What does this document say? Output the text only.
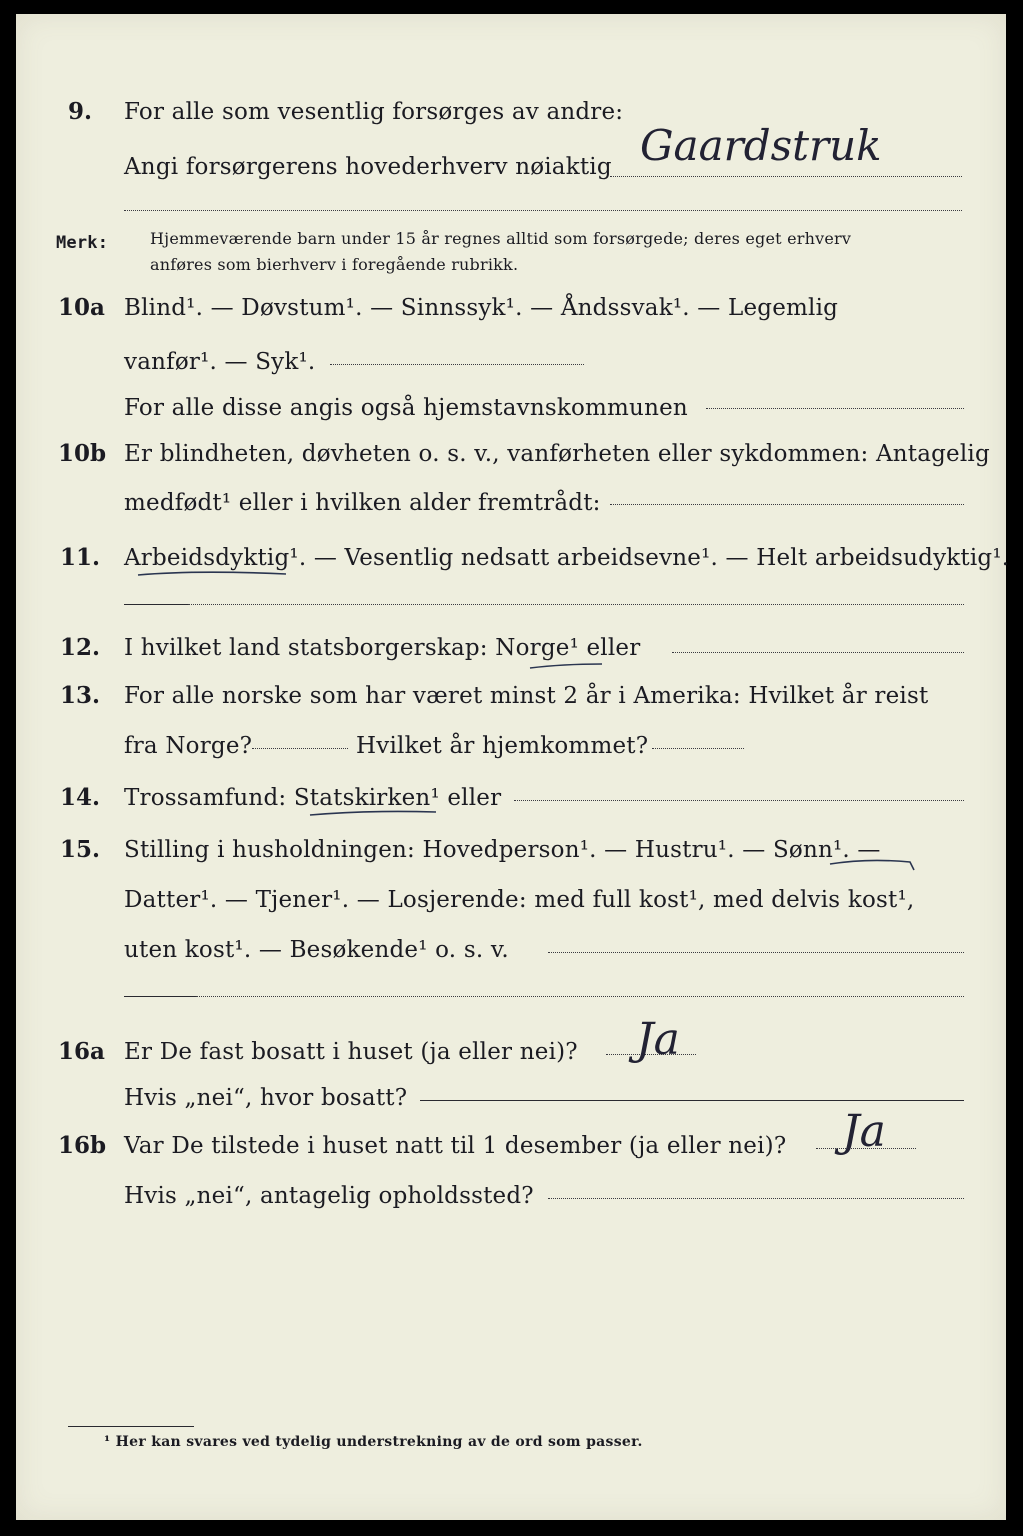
9. For alle som vesentlig forsørges av andre:
Angi forsørgerens hovederhverv nøiaktig Gaardstruk
Merk:	Hjemmeværende barn under 15 år regnes alltid som forsørgede; deres eget erhverv
anføres som bierhverv i foregående rubrikk.
10a Blind¹. — Døvstum¹. — Sinnssyk¹. — Åndssvak¹. — Legemlig
vanfør¹. — Syk¹.
For alle disse angis også hjemstavnskommunen
10b Er blindheten, døvheten o. s. v., vanførheten eller sykdommen: Antagelig
medfødt¹ eller i hvilken alder fremtrådt:
11. Arbeidsdyktig¹. — Vesentlig nedsatt arbeidsevne¹. — Helt arbeidsudyktig¹.
12. I hvilket land statsborgerskap: Norge¹ eller
13. For alle norske som har været minst 2 år i Amerika: Hvilket år reist
fra Norge?	Hvilket år hjemkommet?
14. Trossamfund: Statskirken¹ eller
15. Stilling i husholdningen: Hovedperson¹. — Hustru¹. — Sønn¹. —
Datter¹. — Tjener¹. — Losjerende: med full kost¹, med delvis kost¹,
uten kost¹. — Besøkende¹ o. s. v.
16a Er De fast bosatt i huset (ja eller nei)? Ja
Hvis „nei“, hvor bosatt?
16b Var De tilstede i huset natt til 1 desember (ja eller nei)? Ja
Hvis „nei“, antagelig opholdssted?
¹ Her kan svares ved tydelig understrekning av de ord som passer.
